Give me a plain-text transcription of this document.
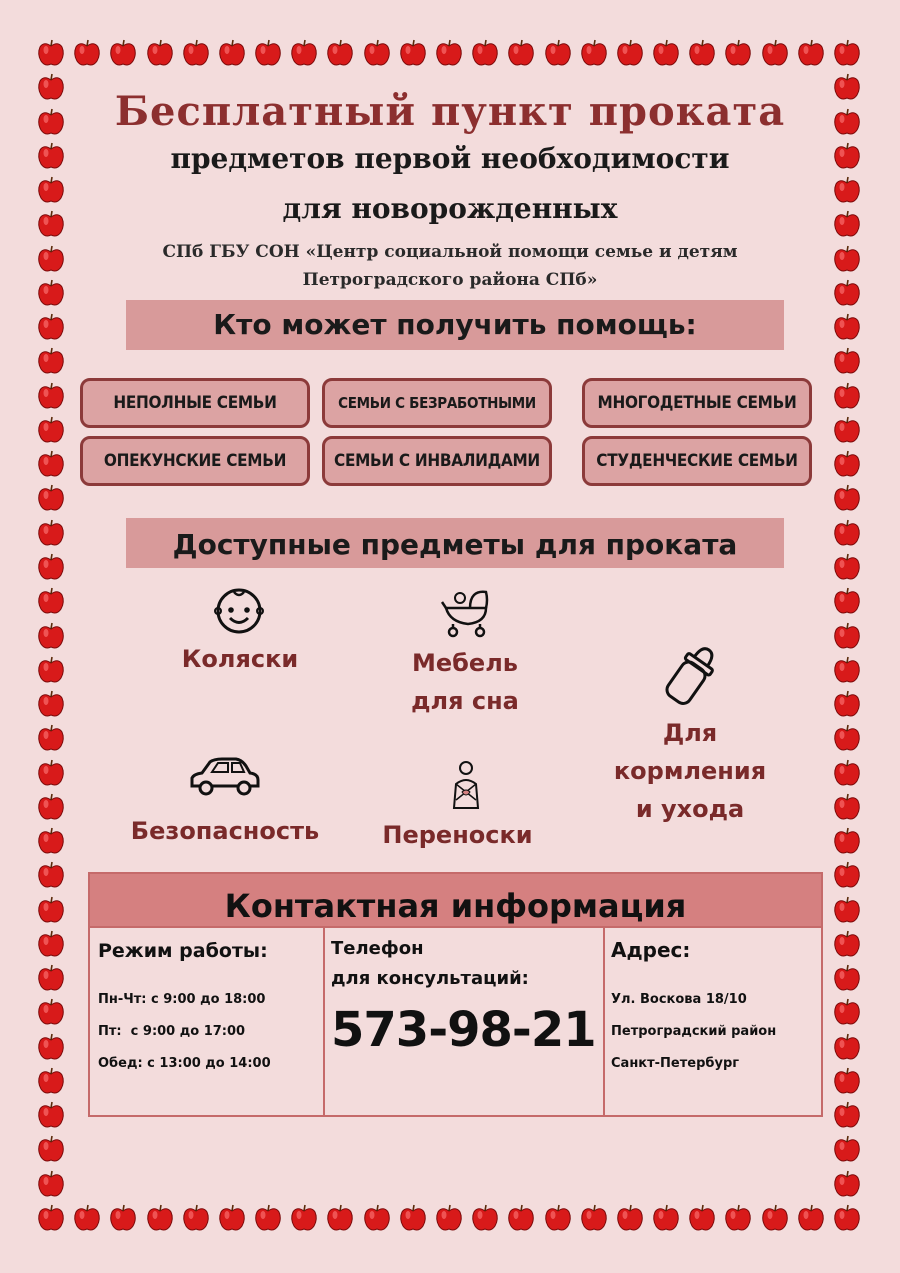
Бесплатный пункт проката
предметов первой необходимости
для новорожденных
СПб ГБУ СОН «Центр социальной помощи семье и детям
Петроградского района СПб»
Кто может получить помощь:
НЕПОЛНЫЕ СЕМЬИ	СЕМЬИ С БЕЗРАБОТНЫМИ	МНОГОДЕТНЫЕ СЕМЬИ
ОПЕКУНСКИЕ СЕМЬИ	СЕМЬИ С ИНВАЛИДАМИ	СТУДЕНЧЕСКИЕ СЕМЬИ
Доступные предметы для проката
Коляски	Мебель
для сна
Для
кормления
и ухода
Безопасность	Переноски
Контактная информация
Режим работы:
Пн-Чт: с 9:00 до 18:00
Пт:  с 9:00 до 17:00
Обед: с 13:00 до 14:00
Телефон
для консультаций:
573-98-21
Адрес:
Ул. Воскова 18/10
Петроградский район
Санкт-Петербург
